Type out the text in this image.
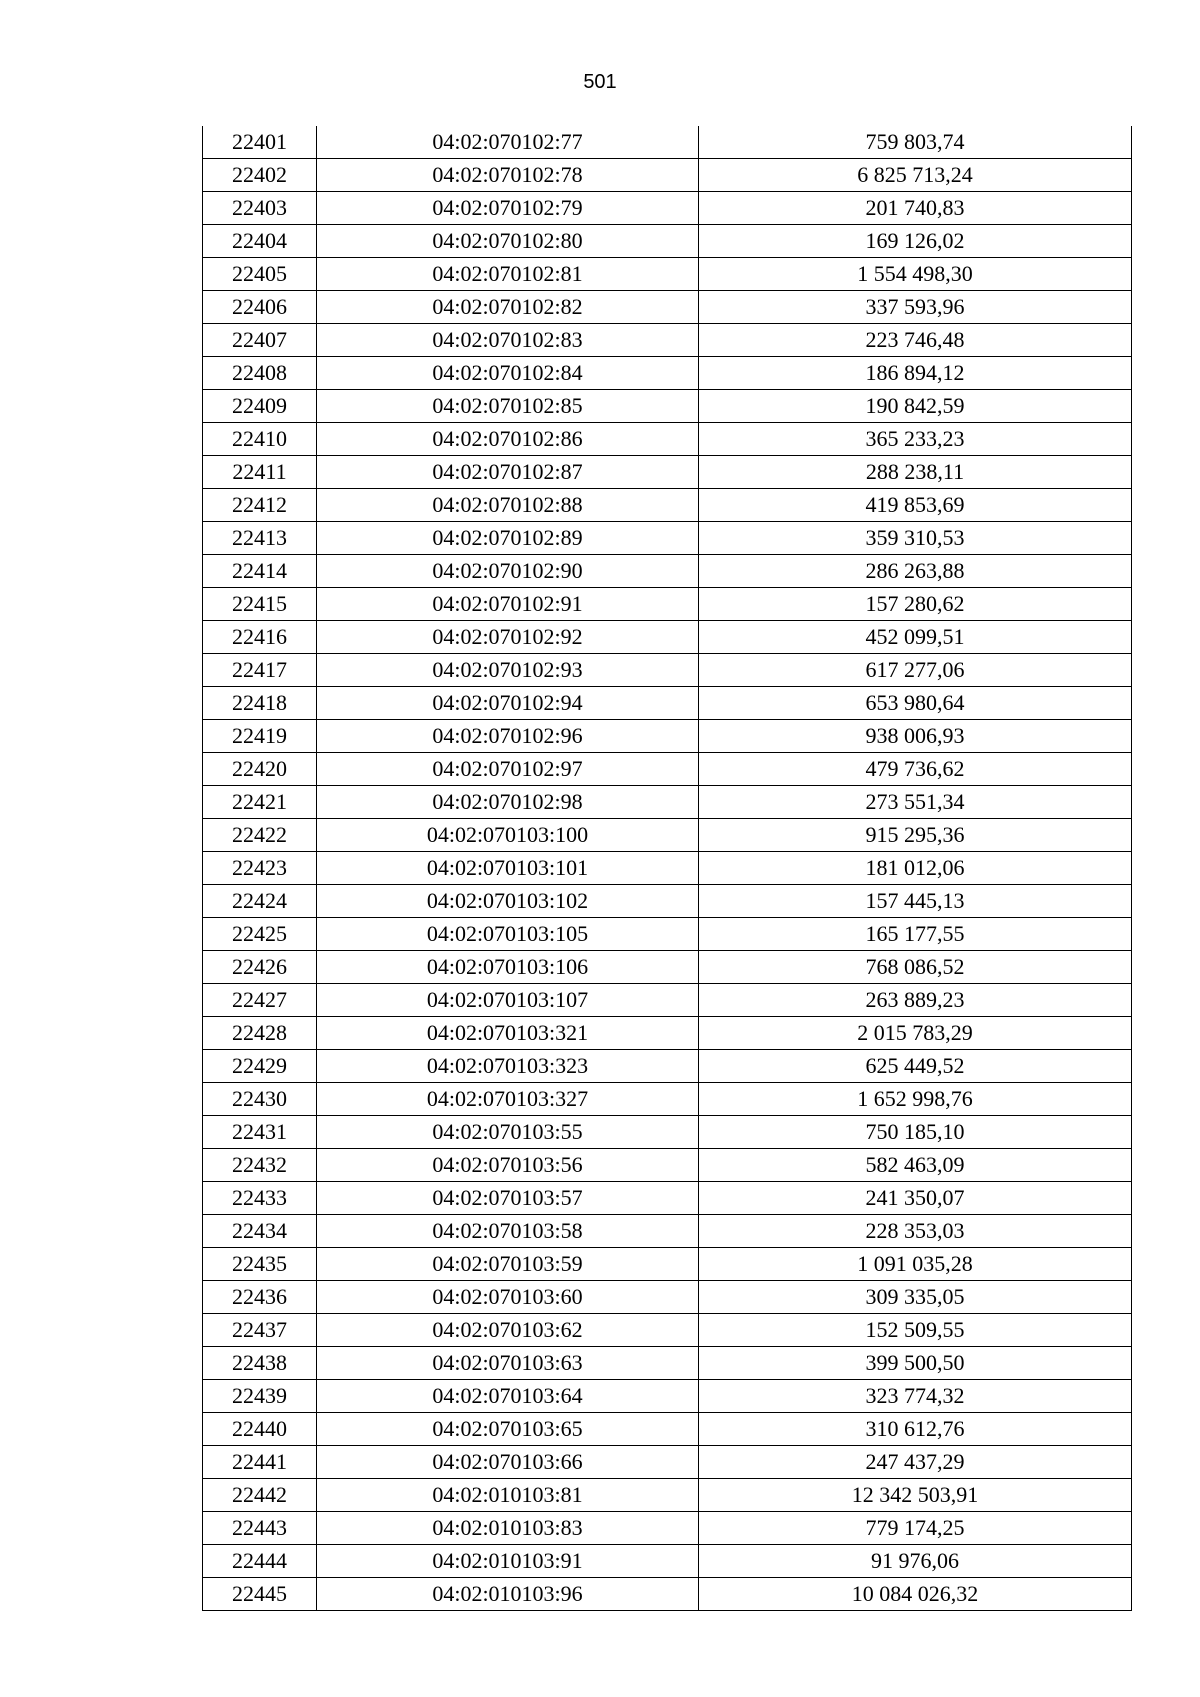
501
22401	04:02:070102:77	759 803,74
22402	04:02:070102:78	6 825 713,24
22403	04:02:070102:79	201 740,83
22404	04:02:070102:80	169 126,02
22405	04:02:070102:81	1 554 498,30
22406	04:02:070102:82	337 593,96
22407	04:02:070102:83	223 746,48
22408	04:02:070102:84	186 894,12
22409	04:02:070102:85	190 842,59
22410	04:02:070102:86	365 233,23
22411	04:02:070102:87	288 238,11
22412	04:02:070102:88	419 853,69
22413	04:02:070102:89	359 310,53
22414	04:02:070102:90	286 263,88
22415	04:02:070102:91	157 280,62
22416	04:02:070102:92	452 099,51
22417	04:02:070102:93	617 277,06
22418	04:02:070102:94	653 980,64
22419	04:02:070102:96	938 006,93
22420	04:02:070102:97	479 736,62
22421	04:02:070102:98	273 551,34
22422	04:02:070103:100	915 295,36
22423	04:02:070103:101	181 012,06
22424	04:02:070103:102	157 445,13
22425	04:02:070103:105	165 177,55
22426	04:02:070103:106	768 086,52
22427	04:02:070103:107	263 889,23
22428	04:02:070103:321	2 015 783,29
22429	04:02:070103:323	625 449,52
22430	04:02:070103:327	1 652 998,76
22431	04:02:070103:55	750 185,10
22432	04:02:070103:56	582 463,09
22433	04:02:070103:57	241 350,07
22434	04:02:070103:58	228 353,03
22435	04:02:070103:59	1 091 035,28
22436	04:02:070103:60	309 335,05
22437	04:02:070103:62	152 509,55
22438	04:02:070103:63	399 500,50
22439	04:02:070103:64	323 774,32
22440	04:02:070103:65	310 612,76
22441	04:02:070103:66	247 437,29
22442	04:02:010103:81	12 342 503,91
22443	04:02:010103:83	779 174,25
22444	04:02:010103:91	91 976,06
22445	04:02:010103:96	10 084 026,32
